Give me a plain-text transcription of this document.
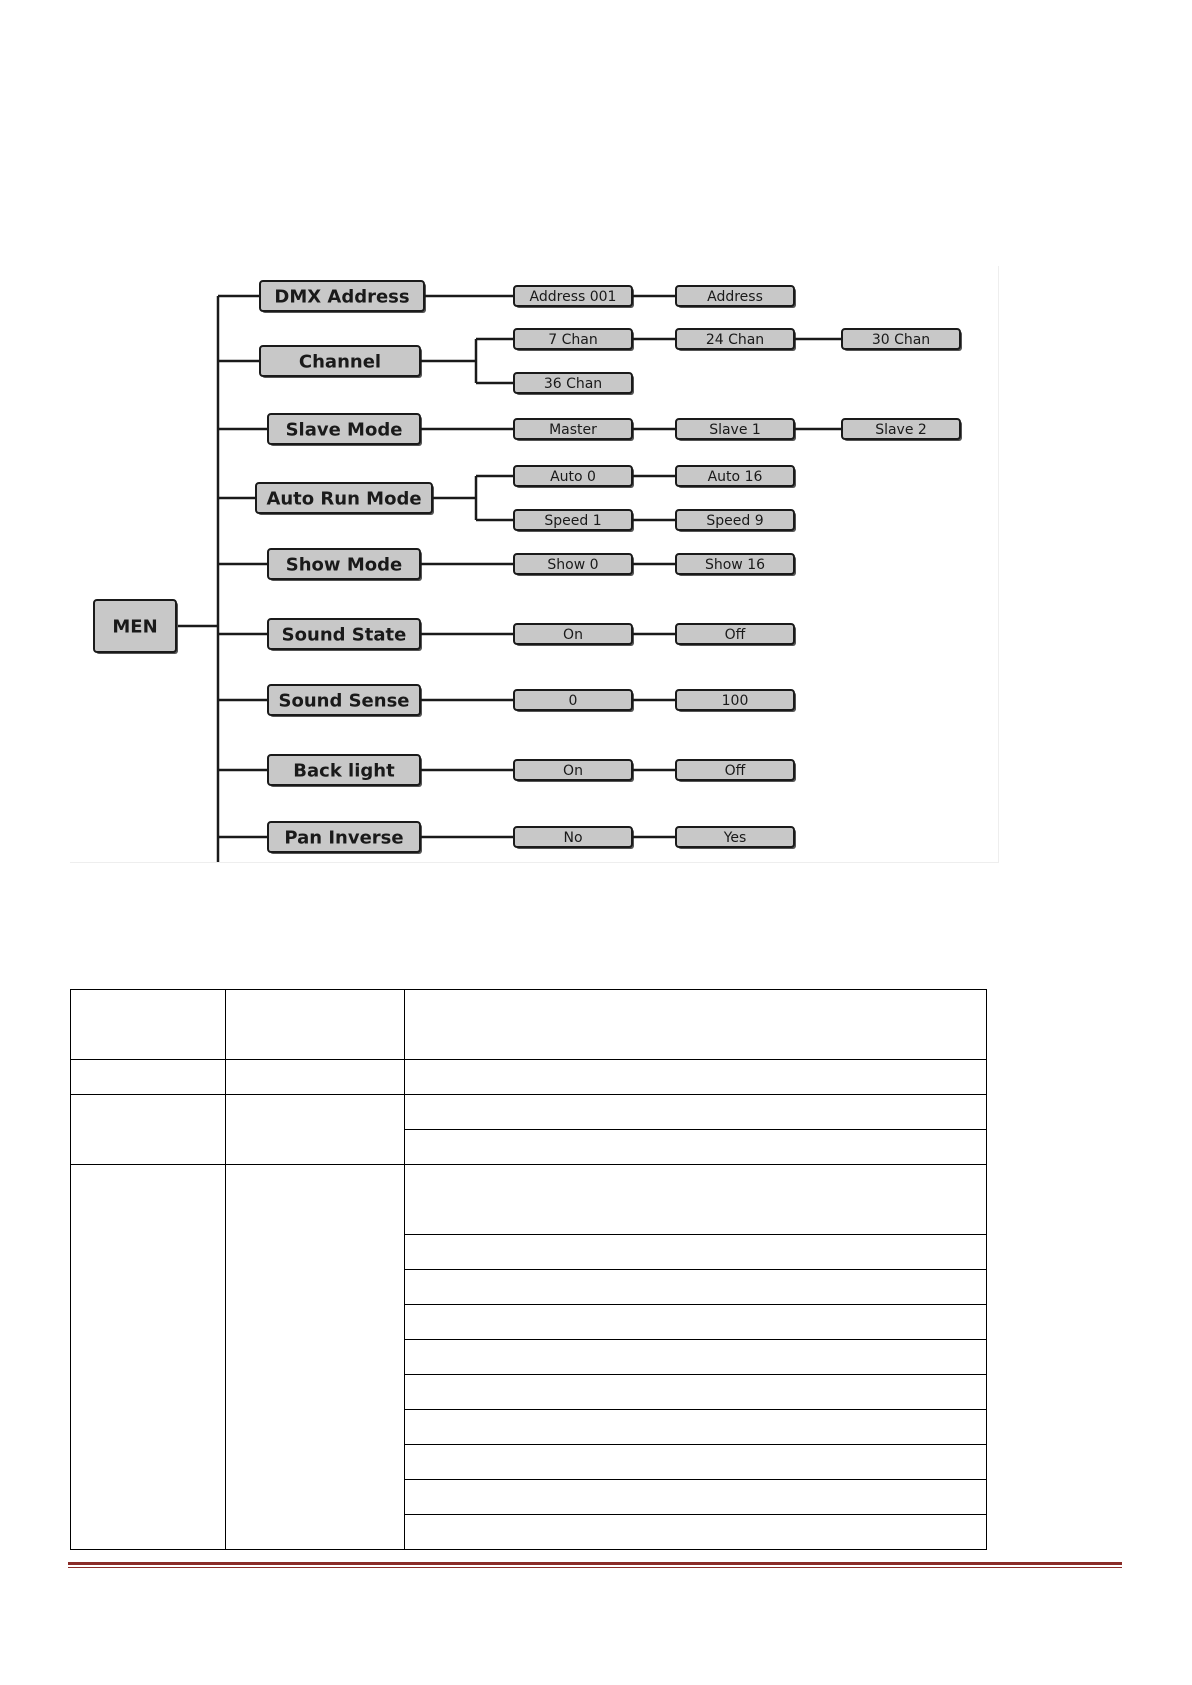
MEN
DMX Address	Address 001	Address
Channel
7 Chan	24 Chan	30 Chan
36 Chan
Slave Mode	Master	Slave 1	Slave 2
Auto Run Mode
Auto 0	Auto 16
Speed 1	Speed 9
Show Mode	Show 0	Show 16
Sound State	On	Off
Sound Sense	0	100
Back light	On	Off
Pan Inverse	No	Yes
